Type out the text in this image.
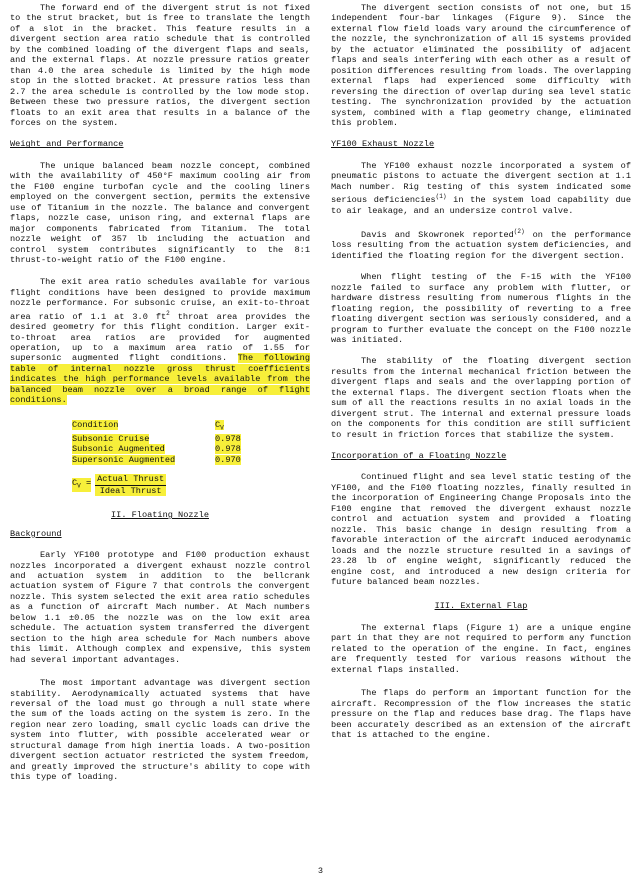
The forward end of the divergent strut is not fixed to the strut bracket, but is free to translate the length of a slot in the bracket. This feature results in a divergent section area ratio schedule that is controlled by the combined loading of the divergent flaps and seals, and the external flaps. At nozzle pressure ratios greater than 4.0 the area schedule is limited by the high mode stop in the slotted bracket. At pressure ratios less than 2.7 the area schedule is controlled by the low mode stop. Between these two pressure ratios, the divergent section floats to an exit area that results in a balance of the forces on the system.

Weight and Performance

The unique balanced beam nozzle concept, combined with the availability of 450°F maximum cooling air from the F100 engine turbofan cycle and the cooling liners employed on the convergent section, permits the extensive use of Titanium in the nozzle. The balance and convergent flaps, nozzle case, unison ring, and external flaps are major components fabricated from Titanium. The total nozzle weight of 357 lb including the actuation and control system contributes significantly to the 8:1 thrust-to-weight ratio of the F100 engine.

The exit area ratio schedules available for various flight conditions have been designed to provide maximum nozzle performance. For subsonic cruise, an exit-to-throat area ratio of 1.1 at 3.0 $ft^2$ throat area provides the desired geometry for this flight condition. Larger exit-to-throat area ratios are provided for augmented operation, up to a maximum area ratio of 1.55 for supersonic augmented flight conditions. The following table of internal nozzle gross thrust coefficients indicates the high performance levels available from the balanced beam nozzle over a broad range of flight conditions.

Condition	$C_V$
Subsonic Cruise	0.978
Subsonic Augmented	0.978
Supersonic Augmented	0.970
$C_V = \frac{\text{Actual Thrust}}{\text{Ideal Thrust}}$

II. Floating Nozzle

Background

Early YF100 prototype and F100 production exhaust nozzles incorporated a divergent exhaust nozzle control and actuation system in addition to the bellcrank actuation system of Figure 7 that controls the convergent nozzle. This system selected the exit area ratio schedules as a function of aircraft Mach number. At Mach numbers below 1.1 ±0.05 the nozzle was on the low exit area schedule. The actuation system transferred the divergent section to the high area schedule for Mach numbers above this limit. Although complex and expensive, this system had several important advantages.

The most important advantage was divergent section stability. Aerodynamically actuated systems that have reversal of the load must go through a null state where the sum of the loads acting on the system is zero. In the region near zero loading, small cyclic loads can drive the system into flutter, with possible accelerated wear or structural damage from high inertia loads. A two-position divergent section actuator restricted the system freedom, and greatly improved the structure's ability to cope with this type of loading.

The divergent section consists of not one, but 15 independent four-bar linkages (Figure 9). Since the external flow field loads vary around the circumference of the nozzle, the synchronization of all 15 systems provided by the actuator eliminated the possibility of adjacent flaps and seals interfering with each other as a result of position differences resulting from loads. The overlapping external flaps had experienced some difficulty with reversing the direction of overlap during sea level static testing. The synchronization provided by the actuation system, combined with a flap geometry change, eliminated this problem.

YF100 Exhaust Nozzle

The YF100 exhaust nozzle incorporated a system of pneumatic pistons to actuate the divergent section at 1.1 Mach number. Rig testing of this system indicated some serious deficiencies$^{(1)}$ in the system load capability due to air leakage, and an undersize control valve.

Davis and Skowronek reported$^{(2)}$ on the performance loss resulting from the actuation system deficiencies, and identified the floating region for the divergent section.

When flight testing of the F-15 with the YF100 nozzle failed to surface any problem with flutter, or hardware distress resulting from numerous flights in the floating region, the possibility of reverting to a free floating divergent section was seriously considered, and a program to further evaluate the concept on the F100 nozzle was initiated.

The stability of the floating divergent section results from the internal mechanical friction between the divergent flaps and seals and the overlapping portion of the external flaps. The divergent section floats when the sum of all the reactions results in no axial loads in the divergent strut. The internal and external pressure loads on the components for this condition are still sufficient to result in friction forces that stabilize the system.

Incorporation of a Floating Nozzle

Continued flight and sea level static testing of the YF100, and the F100 floating nozzles, finally resulted in the incorporation of Engineering Change Proposals into the F100 engine that removed the divergent exhaust nozzle control and actuation system and provided a floating nozzle. This basic change in design resulting from a favorable interaction of the aircraft induced aerodynamic loads and the nozzle structure resulted in a savings of 23.28 lb of engine weight, significantly reduced the engine cost, and introduced a new design criteria for future balanced beam nozzles.

III. External Flap

The external flaps (Figure 1) are a unique engine part in that they are not required to perform any function related to the operation of the engine. In fact, engines are frequently tested for various reasons without the external flaps installed.

The flaps do perform an important function for the aircraft. Recompression of the flow increases the static pressure on the flap and reduces base drag. The flaps have been accurately described as an extension of the aircraft that is attached to the engine.

3
